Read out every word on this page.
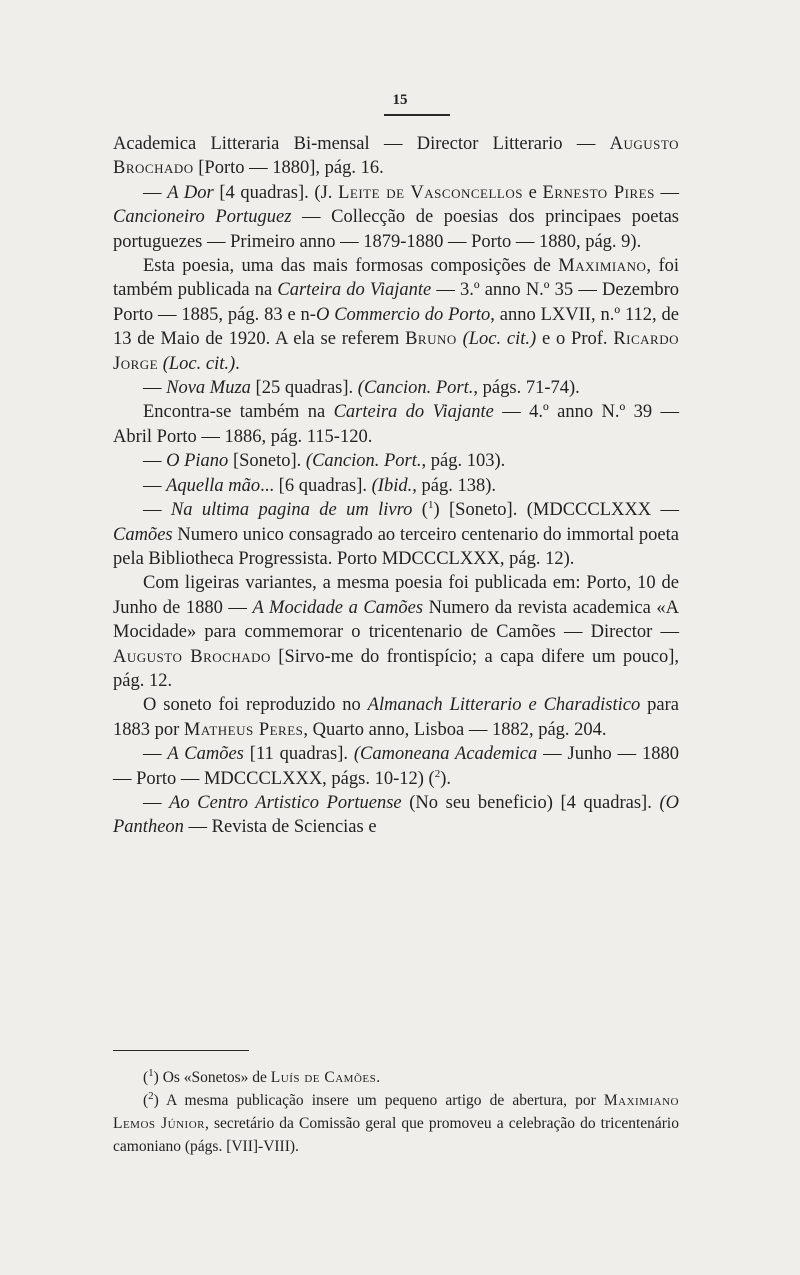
15

Academica Litteraria Bi-mensal — Director Litterario — Augusto Brochado [Porto — 1880], pág. 16.

— A Dor [4 quadras]. (J. Leite de Vasconcellos e Ernesto Pires — Cancioneiro Portuguez — Collecção de poesias dos principaes poetas portuguezes — Primeiro anno — 1879-1880 — Porto — 1880, pág. 9).

Esta poesia, uma das mais formosas composições de Maximiano, foi também publicada na Carteira do Viajante — 3.º anno N.º 35 — Dezembro Porto — 1885, pág. 83 e n-O Commercio do Porto, anno LXVII, n.º 112, de 13 de Maio de 1920. A ela se referem Bruno (Loc. cit.) e o Prof. Ricardo Jorge (Loc. cit.).

— Nova Muza [25 quadras]. (Cancion. Port., págs. 71-74).

Encontra-se também na Carteira do Viajante — 4.º anno N.º 39 — Abril Porto — 1886, pág. 115-120.

— O Piano [Soneto]. (Cancion. Port., pág. 103).

— Aquella mão... [6 quadras]. (Ibid., pág. 138).

— Na ultima pagina de um livro ($^1$) [Soneto]. (MDCCCLXXX — Camões Numero unico consagrado ao terceiro centenario do immortal poeta pela Bibliotheca Progressista. Porto MDCCCLXXX, pág. 12).

Com ligeiras variantes, a mesma poesia foi publicada em: Porto, 10 de Junho de 1880 — A Mocidade a Camões Numero da revista academica «A Mocidade» para commemorar o tricentenario de Camões — Director — Augusto Brochado [Sirvo-me do frontispício; a capa difere um pouco], pág. 12.

O soneto foi reproduzido no Almanach Litterario e Charadistico para 1883 por Matheus Peres, Quarto anno, Lisboa — 1882, pág. 204.

— A Camões [11 quadras]. (Camoneana Academica — Junho — 1880 — Porto — MDCCCLXXX, págs. 10-12) ($^2$).

— Ao Centro Artistico Portuense (No seu beneficio) [4 quadras]. (O Pantheon — Revista de Sciencias e

($^1$) Os «Sonetos» de Luís de Camões.

($^2$) A mesma publicação insere um pequeno artigo de abertura, por Maximiano Lemos Júnior, secretário da Comissão geral que promoveu a celebração do tricentenário camoniano (págs. [VII]-VIII).
